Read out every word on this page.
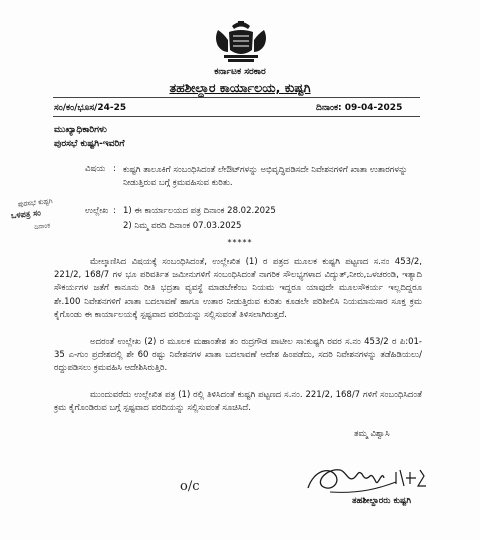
ಕರ್ನಾಟಕ ಸರಕಾರ
ತಹಶೀಲ್ದಾರ ಕಾರ್ಯಾಲಯ, ಕುಷ್ಟಗಿ
ಸಂ/ಕಂ/ಭೂಸ/24-25	ದಿನಾಂಕ: 09-04-2025
ಮುಖ್ಯಾಧಿಕಾರಿಗಳು
ಪುರಸಭೆ ಕುಷ್ಟಗಿ-ಇವರಿಗೆ
ವಿಷಯ : ಕುಷ್ಟಗಿ ತಾಲೂಕಿಗೆ ಸಂಬಂಧಿಸಿದಂತೆ ಲೇಔಟ್‍ಗಳನ್ನು ಅಭಿವೃದ್ಧಿಪಡಿಸದೇ ನಿವೇಶನಗಳಿಗೆ ಖಾತಾ ಉತಾರಗಳನ್ನು ನೀಡುತ್ತಿರುವ ಬಗ್ಗೆ ಕ್ರಮವಹಿಸುವ ಕುರಿತು.
ಉಲ್ಲೇಖ : 1) ಈ ಕಾರ್ಯಾಲಯದ ಪತ್ರ ದಿನಾಂಕ 28.02.2025
2) ನಿಮ್ಮ ವರದಿ ದಿನಾಂಕ 07.03.2025
*****
ಮೇಲ್ಕಾಣಿಸಿದ ವಿಷಯಕ್ಕೆ ಸಂಬಂಧಿಸಿದಂತೆ, ಉಲ್ಲೇಖಿತ (1) ರ ಪತ್ರದ ಮೂಲಕ ಕುಷ್ಟಗಿ ಪಟ್ಟಣದ ಸ.ನಂ 453/2, 221/2, 168/7 ಗಳ ಭೂ ಪರಿವರ್ತಿತ ಜಮೀನುಗಳಿಗೆ ಸಂಬಂಧಿಸಿದಂತೆ ನಾಗರಿಕ ಸೌಲಭ್ಯಗಳಾದ ವಿದ್ಯುತ್,ನೀರು,ಒಳಚರಂಡಿ, ಇತ್ಯಾದಿ ಸೌಕರ್ಯಗಳ ಜತೆಗೆ ಕಾನೂನು ರೀತಿ ಭದ್ರತಾ ವ್ಯವಸ್ಥೆ ಮಾಡಬೇಕೆಂಬ ನಿಯಮ ಇದ್ದರೂ ಯಾವುದೇ ಮೂಲಸೌಕರ್ಯ ಇಲ್ಲದಿದ್ದರೂ ಶೇ.100 ನಿವೇಶನಗಳಿಗೆ ಖಾತಾ ಬದಲಾವಣೆ ಹಾಗೂ ಉತಾರ ನೀಡುತ್ತಿರುವ ಕುರಿತು ಕೂಡಲೇ ಪರಿಶೀಲಿಸಿ ನಿಯಮಾನುಸಾರ ಸೂಕ್ತ ಕ್ರಮ ಕೈಗೊಂಡು ಈ ಕಾರ್ಯಾಲಯಕ್ಕೆ ಸ್ಪಷ್ಟವಾದ ವರದಿಯನ್ನು ಸಲ್ಲಿಸುವಂತೆ ತಿಳಿಸಲಾಗಿರುತ್ತದೆ.
ಅದರಂತೆ ಉಲ್ಲೇಖ (2) ರ ಮೂಲಕ ಮಹಾಂತೇಶ ತಂ ರುದ್ರಗೌಡ ಪಾಟೀಲ ಸಾ:ಕುಷ್ಟಗಿ ರವರ ಸ.ನಂ 453/2 ರ ಪಿ:01-35 ಎ-ಗುಂ ಪ್ರದೇಶದಲ್ಲಿ ಶೇ 60 ರಷ್ಟು ನಿವೇಶನಗಳ ಖಾತಾ ಬದಲಾವಣೆ ಆದೇಶ ಹಿಂಪಡೆದು, ಸದರಿ ನಿವೇಶನಗಳನ್ನು ತಡೆಹಿಡಿಯಲು/ರದ್ದುಪಡಿಸಲು ಕ್ರಮವಹಿಸಿ ಆದೇಶಿಸಿರುತ್ತಿರಿ.
ಮುಂದುವರೆದು ಉಲ್ಲೇಖಿತ ಪತ್ರ (1) ರಲ್ಲಿ ತಿಳಿಸಿದಂತೆ ಕುಷ್ಟಗಿ ಪಟ್ಟಣದ ಸ.ನಂ. 221/2, 168/7 ಗಳಿಗೆ ಸಂಬಂಧಿಸಿದಂತೆ ಕ್ರಮ ಕೈಗೊಂಡಿರುವ ಬಗ್ಗೆ ಸ್ಪಷ್ಟವಾದ ವರದಿಯನ್ನು ಸಲ್ಲಿಸುವಂತೆ ಸೂಚಿಸಿದೆ.
ತಮ್ಮ ವಿಶ್ವಾಸಿ
ತಹಶೀಲ್ದಾರರು ಕುಷ್ಟಗಿ
o/c
ಪುರಸಭೆ ಕುಷ್ಟಗಿ
ಒಳಪತ್ರ ಸಂ
ದಿನಾಂಕ
